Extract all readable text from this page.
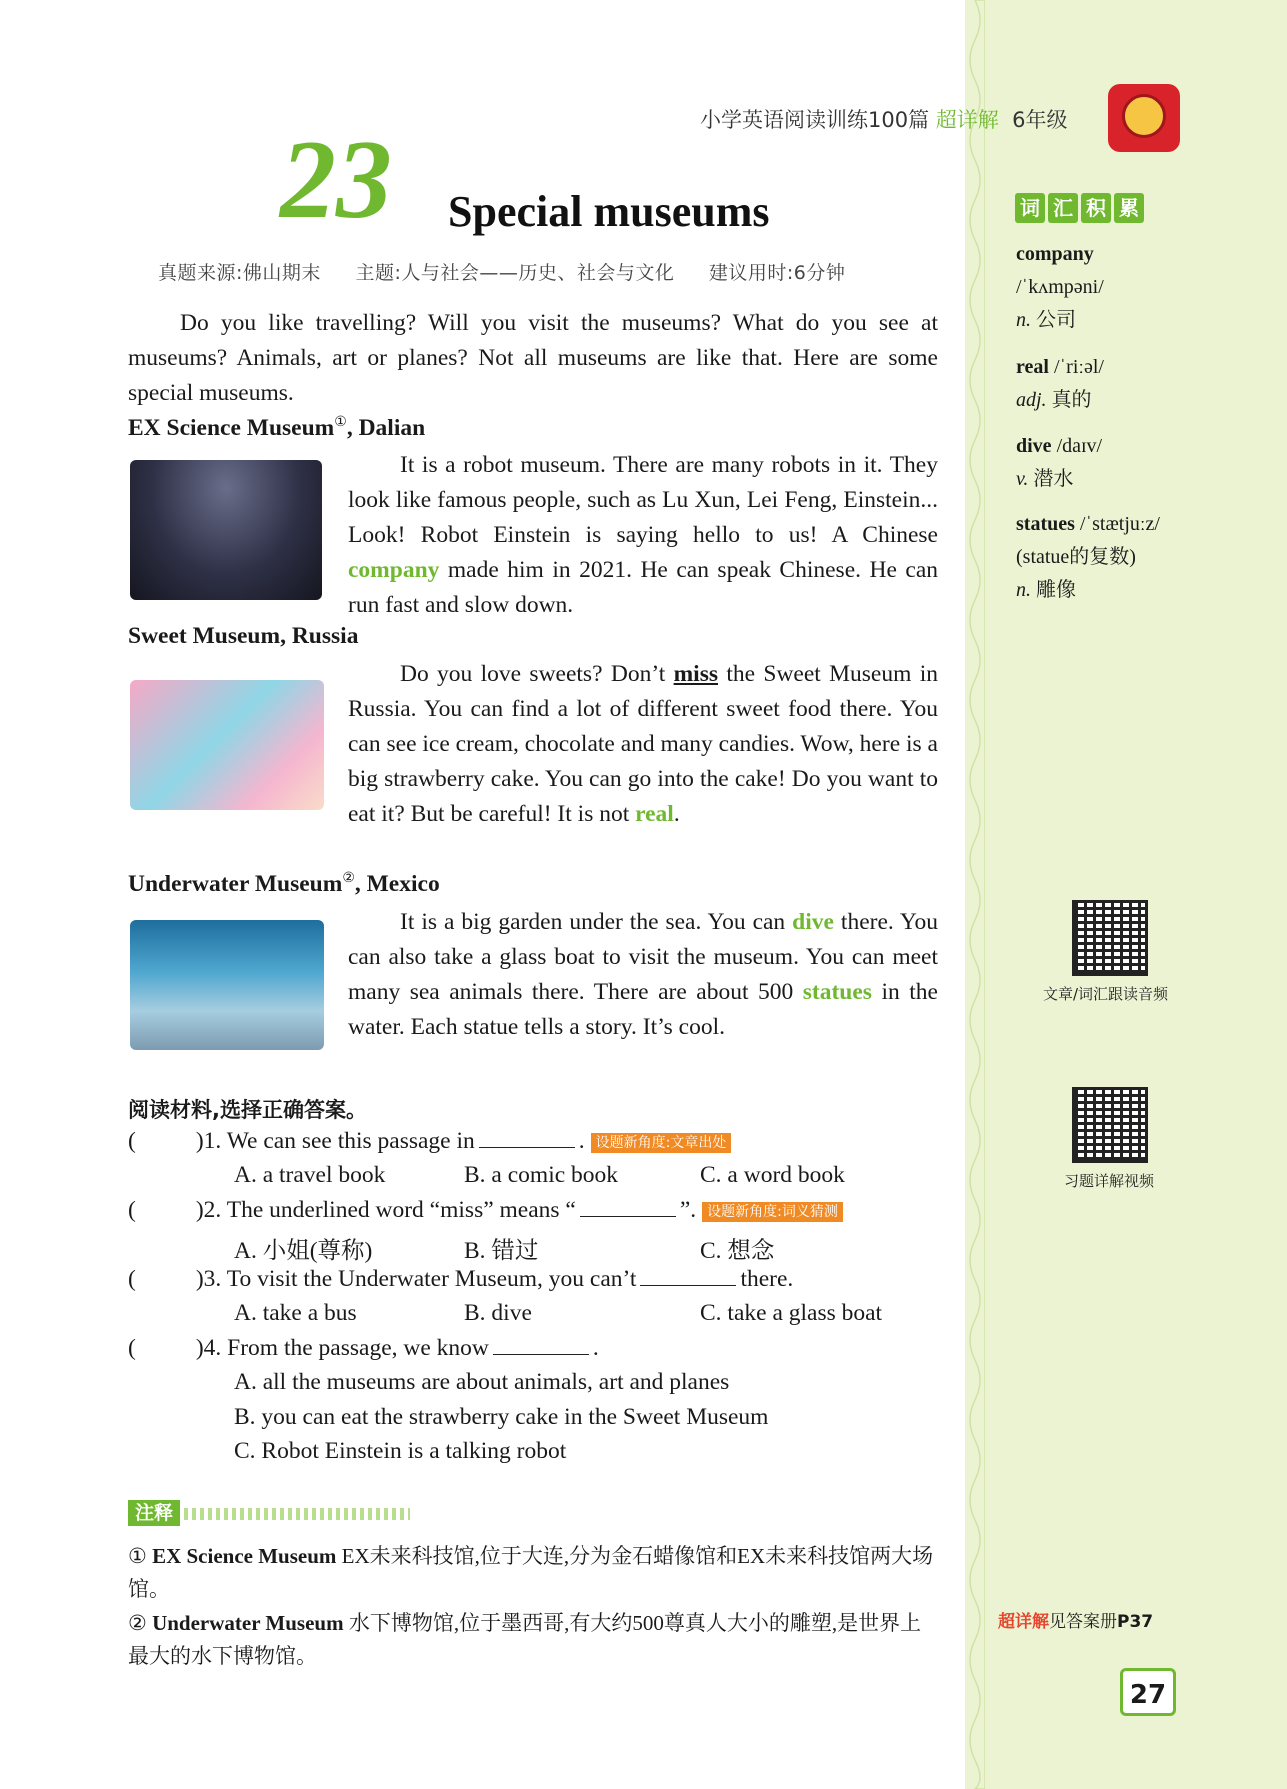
小学英语阅读训练100篇 超详解 6年级
23 Special museums
真题来源:佛山期末 主题:人与社会——历史、社会与文化 建议用时:6分钟
Do you like travelling? Will you visit the museums? What do you see at museums? Animals, art or planes? Not all museums are like that. Here are some special museums.
EX Science Museum①, Dalian
It is a robot museum. There are many robots in it. They look like famous people, such as Lu Xun, Lei Feng, Einstein... Look! Robot Einstein is saying hello to us! A Chinese company made him in 2021. He can speak Chinese. He can run fast and slow down.
Sweet Museum, Russia
Do you love sweets? Don’t miss the Sweet Museum in Russia. You can find a lot of different sweet food there. You can see ice cream, chocolate and many candies. Wow, here is a big strawberry cake. You can go into the cake! Do you want to eat it? But be careful! It is not real.
Underwater Museum②, Mexico
It is a big garden under the sea. You can dive there. You can also take a glass boat to visit the museum. You can meet many sea animals there. There are about 500 statues in the water. Each statue tells a story. It’s cool.
阅读材料,选择正确答案。
(	)1. We can see this passage in	. 设题新角度:文章出处
A. a travel book	B. a comic book	C. a word book
(	)2. The underlined word “miss” means “	”. 设题新角度:词义猜测
A. 小姐(尊称)	B. 错过	C. 想念
(	)3. To visit the Underwater Museum, you can’t	there.
A. take a bus	B. dive	C. take a glass boat
(	)4. From the passage, we know	.
A. all the museums are about animals, art and planes
B. you can eat the strawberry cake in the Sweet Museum
C. Robot Einstein is a talking robot
注释
① EX Science Museum EX未来科技馆,位于大连,分为金石蜡像馆和EX未来科技馆两大场馆。
② Underwater Museum 水下博物馆,位于墨西哥,有大约500尊真人大小的雕塑,是世界上最大的水下博物馆。
词 汇 积 累
company
/ˈkʌmpəni/
n. 公司
real /ˈriːəl/
adj. 真的
dive /daɪv/
v. 潜水
statues /ˈstætjuːz/
(statue的复数)
n. 雕像
文章/词汇跟读音频
习题详解视频
超详解见答案册P37
27
